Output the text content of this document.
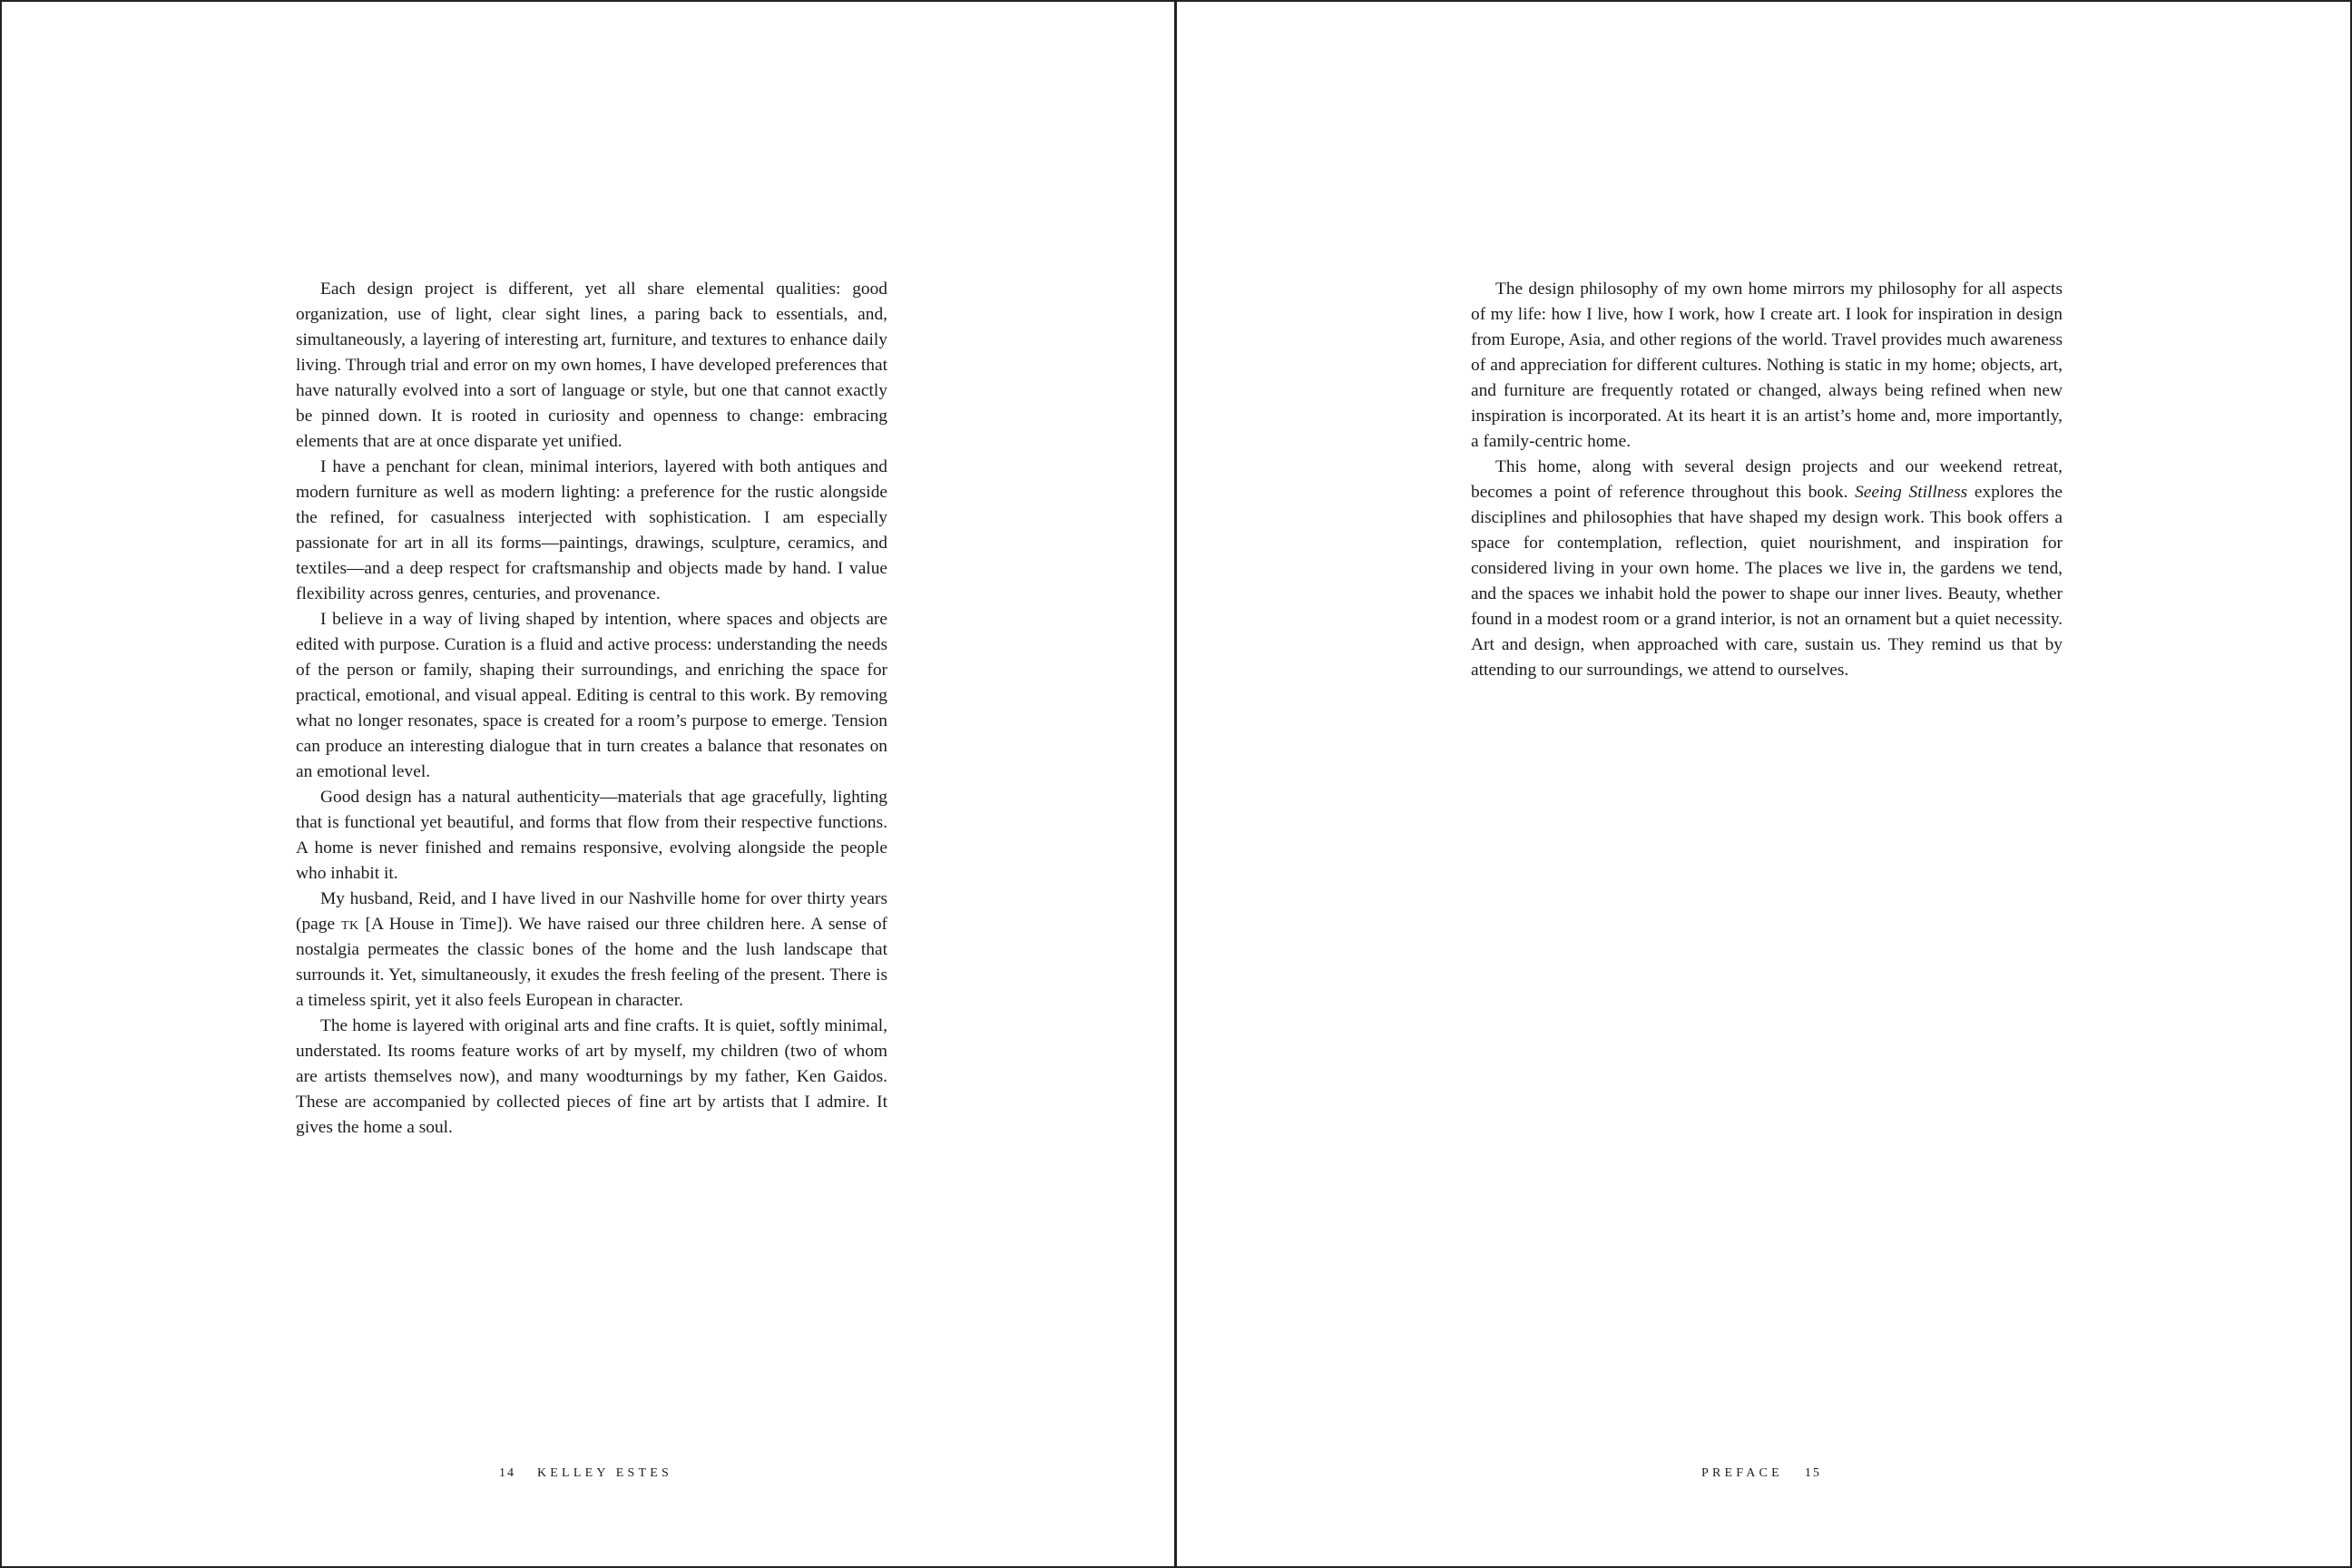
Each design project is different, yet all share elemental qualities: good organization, use of light, clear sight lines, a paring back to essentials, and, simultaneously, a layering of interesting art, furniture, and textures to enhance daily living. Through trial and error on my own homes, I have developed preferences that have naturally evolved into a sort of language or style, but one that cannot exactly be pinned down. It is rooted in curiosity and openness to change: embracing elements that are at once disparate yet unified.

I have a penchant for clean, minimal interiors, layered with both antiques and modern furniture as well as modern lighting: a preference for the rustic alongside the refined, for casualness interjected with sophistication. I am especially passionate for art in all its forms—paintings, drawings, sculpture, ceramics, and textiles—and a deep respect for craftsmanship and objects made by hand. I value flexibility across genres, centuries, and provenance.

I believe in a way of living shaped by intention, where spaces and objects are edited with purpose. Curation is a fluid and active process: understanding the needs of the person or family, shaping their surroundings, and enriching the space for practical, emotional, and visual appeal. Editing is central to this work. By removing what no longer resonates, space is created for a room’s purpose to emerge. Tension can produce an interesting dialogue that in turn creates a balance that resonates on an emotional level.

Good design has a natural authenticity—materials that age gracefully, lighting that is functional yet beautiful, and forms that flow from their respective functions. A home is never finished and remains responsive, evolving alongside the people who inhabit it.

My husband, Reid, and I have lived in our Nashville home for over thirty years (page tk [A House in Time]). We have raised our three children here. A sense of nostalgia permeates the classic bones of the home and the lush landscape that surrounds it. Yet, simultaneously, it exudes the fresh feeling of the present. There is a timeless spirit, yet it also feels European in character.

The home is layered with original arts and fine crafts. It is quiet, softly minimal, understated. Its rooms feature works of art by myself, my children (two of whom are artists themselves now), and many woodturnings by my father, Ken Gaidos. These are accompanied by collected pieces of fine art by artists that I admire. It gives the home a soul.

14 KELLEY ESTES

The design philosophy of my own home mirrors my philosophy for all aspects of my life: how I live, how I work, how I create art. I look for inspiration in design from Europe, Asia, and other regions of the world. Travel provides much awareness of and appreciation for different cultures. Nothing is static in my home; objects, art, and furniture are frequently rotated or changed, always being refined when new inspiration is incorporated. At its heart it is an artist’s home and, more importantly, a family-centric home.

This home, along with several design projects and our weekend retreat, becomes a point of reference throughout this book. Seeing Stillness explores the disciplines and philosophies that have shaped my design work. This book offers a space for contemplation, reflection, quiet nourishment, and inspiration for considered living in your own home. The places we live in, the gardens we tend, and the spaces we inhabit hold the power to shape our inner lives. Beauty, whether found in a modest room or a grand interior, is not an ornament but a quiet necessity. Art and design, when approached with care, sustain us. They remind us that by attending to our surroundings, we attend to ourselves.

PREFACE 15
